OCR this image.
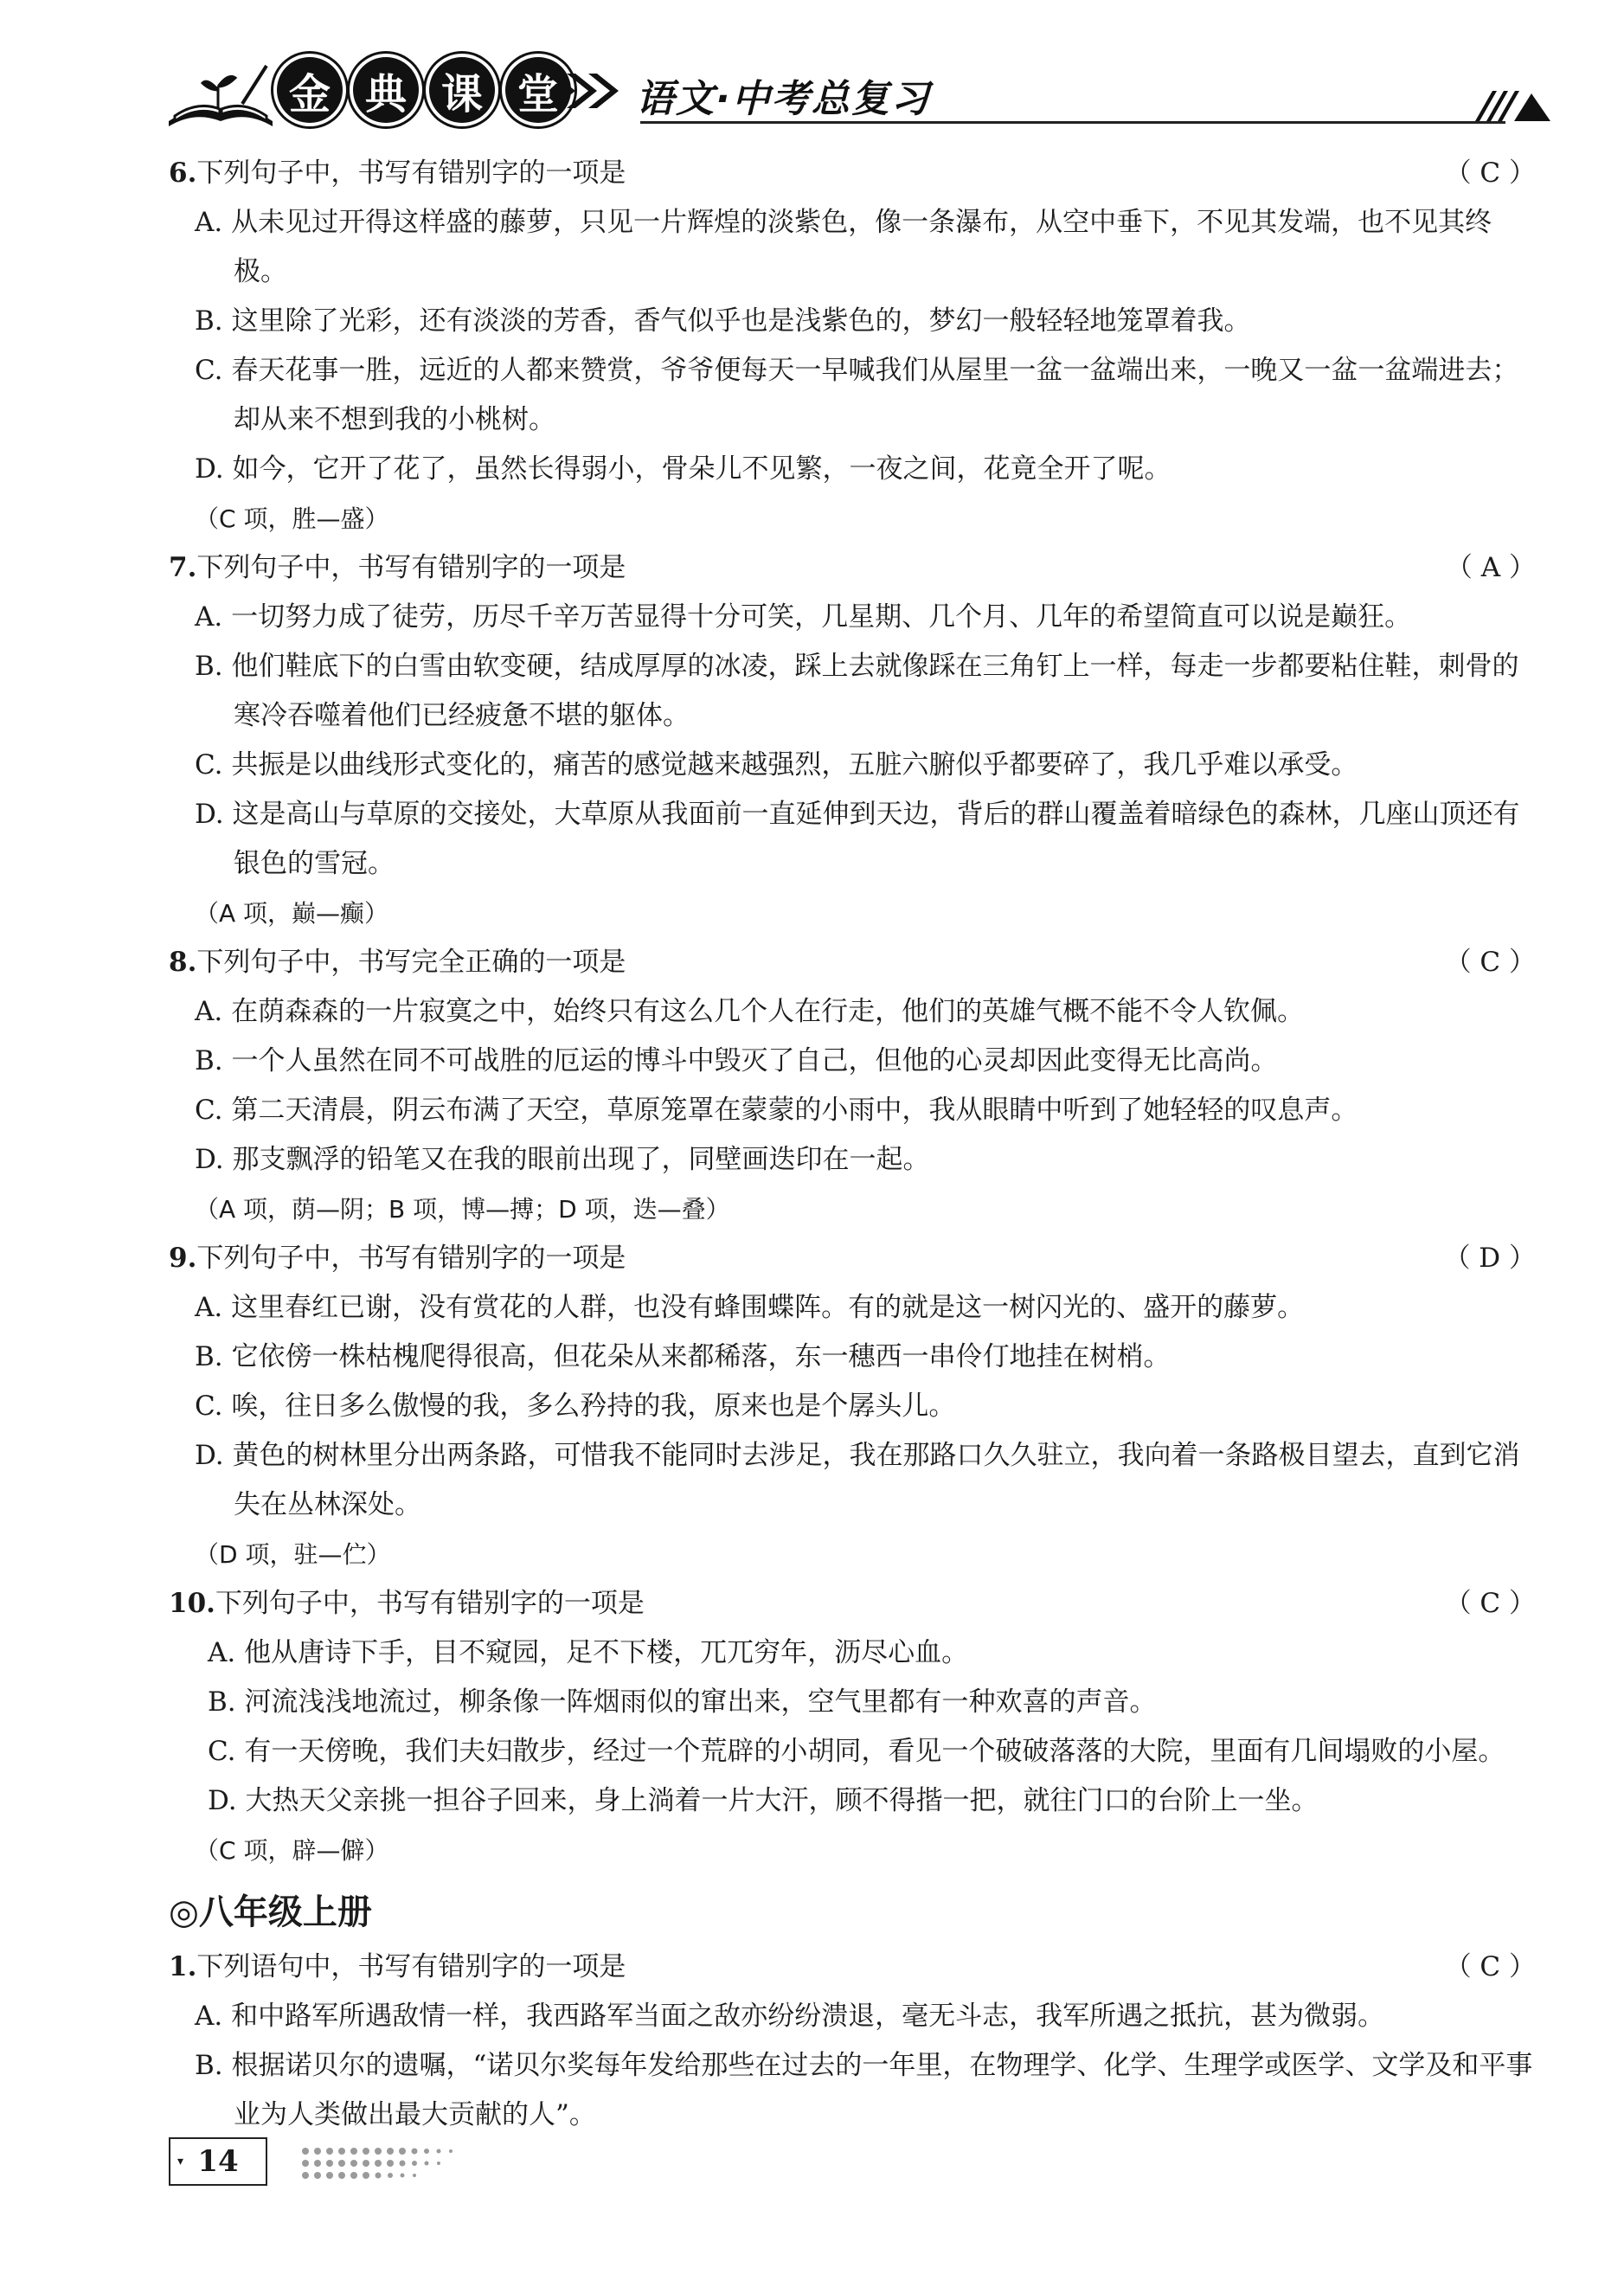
金 典 课 堂	语文·中考总复习
6.下列句子中，书写有错别字的一项是	（ C ）

A. 从未见过开得这样盛的藤萝，只见一片辉煌的淡紫色，像一条瀑布，从空中垂下，不见其发端，也不见其终极。

B. 这里除了光彩，还有淡淡的芳香，香气似乎也是浅紫色的，梦幻一般轻轻地笼罩着我。

C. 春天花事一胜，远近的人都来赞赏，爷爷便每天一早喊我们从屋里一盆一盆端出来，一晚又一盆一盆端进去；却从来不想到我的小桃树。

D. 如今，它开了花了，虽然长得弱小，骨朵儿不见繁，一夜之间，花竟全开了呢。

（C 项，胜—盛）

7.下列句子中，书写有错别字的一项是	（ A ）

A. 一切努力成了徒劳，历尽千辛万苦显得十分可笑，几星期、几个月、几年的希望简直可以说是巅狂。

B. 他们鞋底下的白雪由软变硬，结成厚厚的冰凌，踩上去就像踩在三角钉上一样，每走一步都要粘住鞋，刺骨的寒冷吞噬着他们已经疲惫不堪的躯体。

C. 共振是以曲线形式变化的，痛苦的感觉越来越强烈，五脏六腑似乎都要碎了，我几乎难以承受。

D. 这是高山与草原的交接处，大草原从我面前一直延伸到天边，背后的群山覆盖着暗绿色的森林，几座山顶还有银色的雪冠。

（A 项，巅—癫）

8.下列句子中，书写完全正确的一项是	（ C ）

A. 在荫森森的一片寂寞之中，始终只有这么几个人在行走，他们的英雄气概不能不令人钦佩。

B. 一个人虽然在同不可战胜的厄运的博斗中毁灭了自己，但他的心灵却因此变得无比高尚。

C. 第二天清晨，阴云布满了天空，草原笼罩在蒙蒙的小雨中，我从眼睛中听到了她轻轻的叹息声。

D. 那支飘浮的铅笔又在我的眼前出现了，同壁画迭印在一起。

（A 项，荫—阴；B 项，博—搏；D 项，迭—叠）

9.下列句子中，书写有错别字的一项是	（ D ）

A. 这里春红已谢，没有赏花的人群，也没有蜂围蝶阵。有的就是这一树闪光的、盛开的藤萝。

B. 它依傍一株枯槐爬得很高，但花朵从来都稀落，东一穗西一串伶仃地挂在树梢。

C. 唉，往日多么傲慢的我，多么矜持的我，原来也是个孱头儿。

D. 黄色的树林里分出两条路，可惜我不能同时去涉足，我在那路口久久驻立，我向着一条路极目望去，直到它消失在丛林深处。

（D 项，驻—伫）

10.下列句子中，书写有错别字的一项是	（ C ）

A. 他从唐诗下手，目不窥园，足不下楼，兀兀穷年，沥尽心血。

B. 河流浅浅地流过，柳条像一阵烟雨似的窜出来，空气里都有一种欢喜的声音。

C. 有一天傍晚，我们夫妇散步，经过一个荒辟的小胡同，看见一个破破落落的大院，里面有几间塌败的小屋。

D. 大热天父亲挑一担谷子回来，身上淌着一片大汗，顾不得揩一把，就往门口的台阶上一坐。

（C 项，辟—僻）

◎八年级上册
1.下列语句中，书写有错别字的一项是	（ C ）

A. 和中路军所遇敌情一样，我西路军当面之敌亦纷纷溃退，毫无斗志，我军所遇之抵抗，甚为微弱。

B. 根据诺贝尔的遗嘱，“诺贝尔奖每年发给那些在过去的一年里，在物理学、化学、生理学或医学、文学及和平事业为人类做出最大贡献的人”。

▾ 14
